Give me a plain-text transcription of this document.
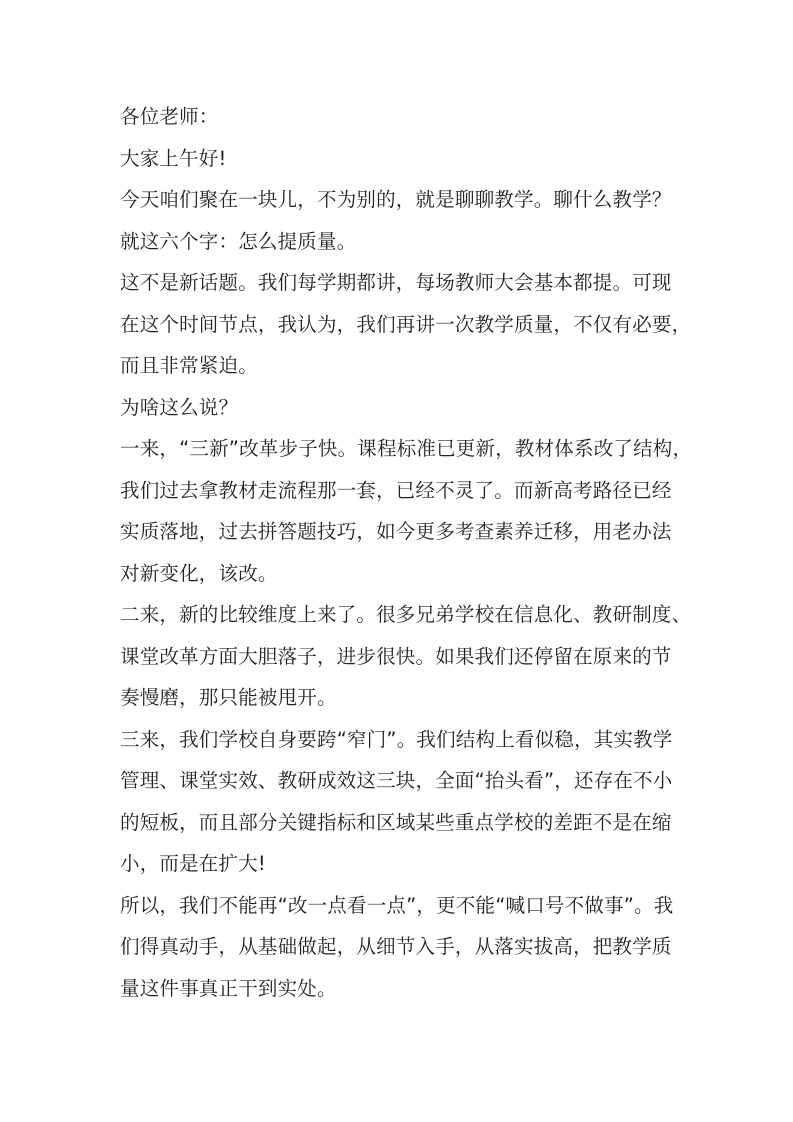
各位老师：
大家上午好!
今天咱们聚在一块儿，不为别的，就是聊聊教学。聊什么教学？
就这六个字：怎么提质量。
这不是新话题。我们每学期都讲，每场教师大会基本都提。可现
在这个时间节点，我认为，我们再讲一次教学质量，不仅有必要，
而且非常紧迫。
为啥这么说？
一来，“三新”改革步子快。课程标准已更新，教材体系改了结构，
我们过去拿教材走流程那一套，已经不灵了。而新高考路径已经
实质落地，过去拼答题技巧，如今更多考查素养迁移，用老办法
对新变化，该改。
二来，新的比较维度上来了。很多兄弟学校在信息化、教研制度、
课堂改革方面大胆落子，进步很快。如果我们还停留在原来的节
奏慢磨，那只能被甩开。
三来，我们学校自身要跨“窄门”。我们结构上看似稳，其实教学
管理、课堂实效、教研成效这三块，全面“抬头看”，还存在不小
的短板，而且部分关键指标和区域某些重点学校的差距不是在缩
小，而是在扩大!
所以，我们不能再“改一点看一点”，更不能“喊口号不做事”。我
们得真动手，从基础做起，从细节入手，从落实拔高，把教学质
量这件事真正干到实处。
